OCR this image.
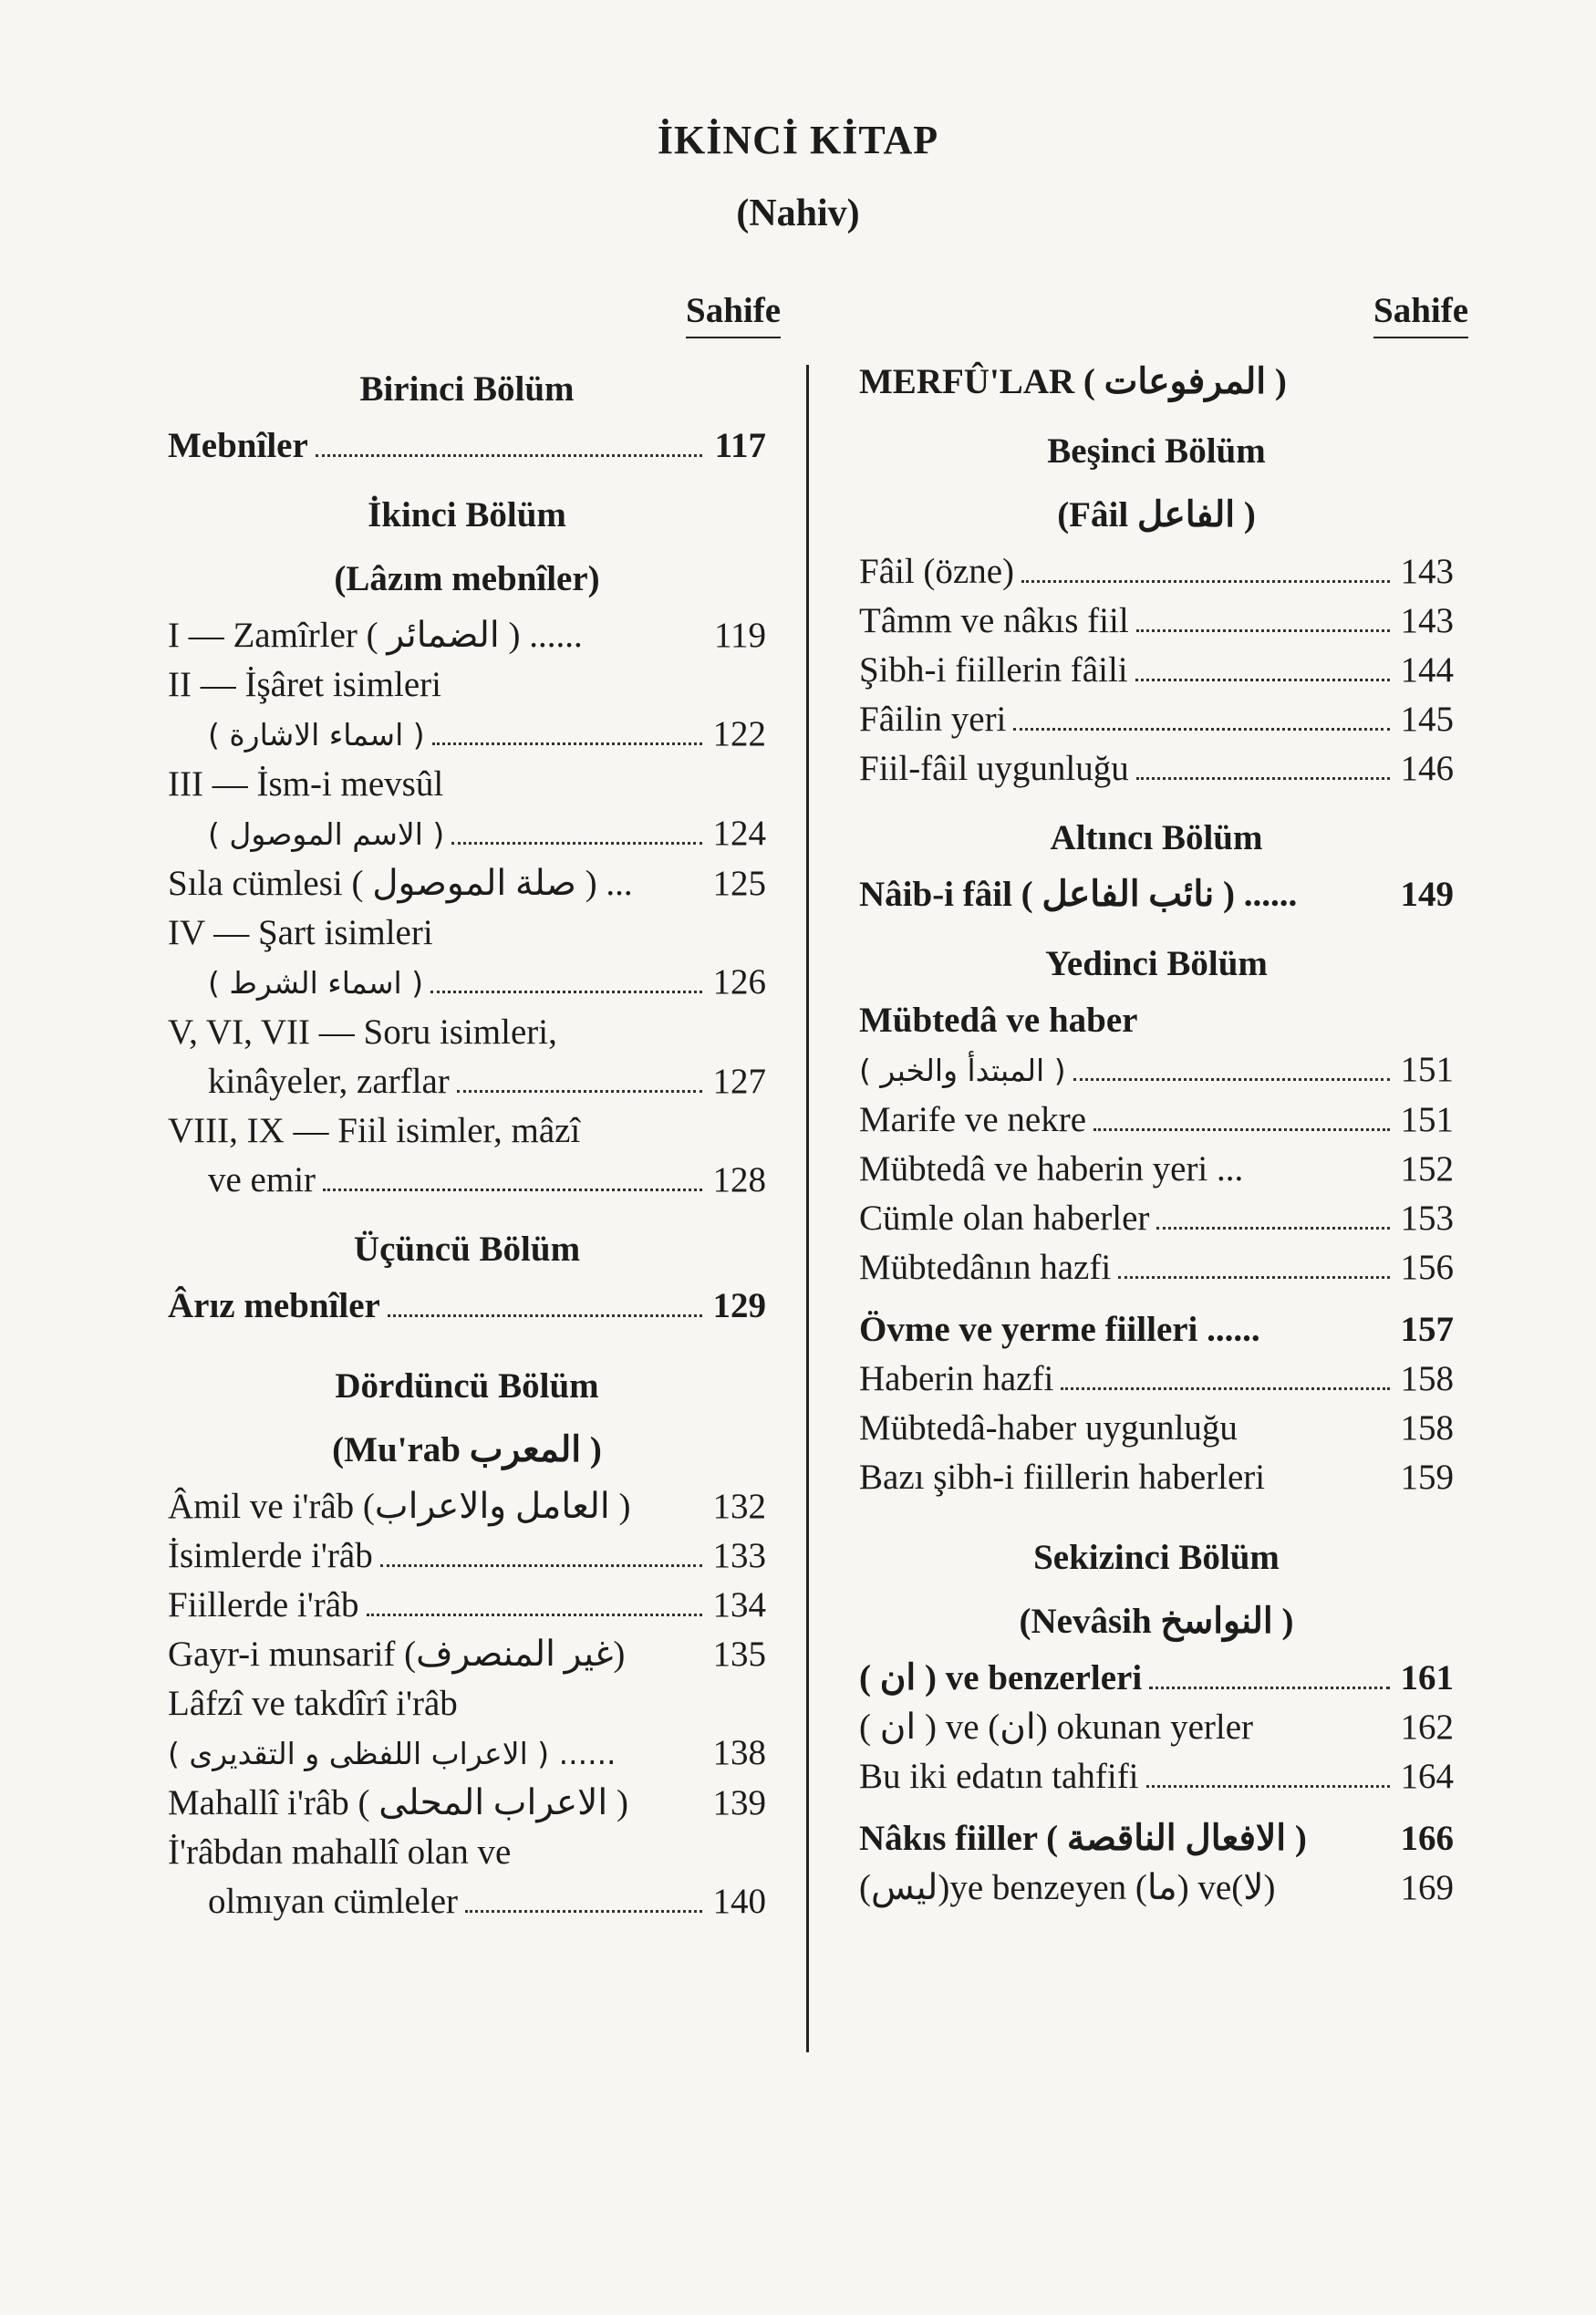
İKİNCİ KİTAP
(Nahiv)
Sahife	Sahife
Birinci Bölüm
Mebnîler	117
İkinci Bölüm
(Lâzım mebnîler)
I — Zamîrler ( الضمائر ) ......	119
II — İşâret isimleri
( اسماء الاشارة )	122
III — İsm-i mevsûl
( الاسم الموصول )	124
Sıla cümlesi ( صلة الموصول ) ... 125
IV — Şart isimleri
( اسماء الشرط )	126
V, VI, VII — Soru isimleri,
kinâyeler, zarflar	127
VIII, IX — Fiil isimler, mâzî
ve emir	128
Üçüncü Bölüm
Ârız mebnîler	129
Dördüncü Bölüm
(Mu'rab المعرب )
Âmil ve i'râb (العامل والاعراب ) 132
İsimlerde i'râb	133
Fiillerde i'râb	134
Gayr-i munsarif (غير المنصرف) 135
Lâfzî ve takdîrî i'râb
( الاعراب اللفظى و التقديرى ) ......	138
Mahallî i'râb ( الاعراب المحلى ) 139
İ'râbdan mahallî olan ve
olmıyan cümleler	140
MERFÛ'LAR ( المرفوعات )
Beşinci Bölüm
(Fâil الفاعل )
Fâil (özne)	143
Tâmm ve nâkıs fiil	143
Şibh-i fiillerin fâili	144
Fâilin yeri	145
Fiil-fâil uygunluğu	146
Altıncı Bölüm
Nâib-i fâil ( نائب الفاعل ) ......	149
Yedinci Bölüm
Mübtedâ ve haber
( المبتدأ والخبر )	151
Marife ve nekre	151
Mübtedâ ve haberin yeri ...	152
Cümle olan haberler	153
Mübtedânın hazfi	156
Övme ve yerme fiilleri ......	157
Haberin hazfi	158
Mübtedâ-haber uygunluğu	158
Bazı şibh-i fiillerin haberleri	159
Sekizinci Bölüm
(Nevâsih النواسخ )
( ان ) ve benzerleri	161
( ان ) ve (ان) okunan yerler	162
Bu iki edatın tahfifi	164
Nâkıs fiiller ( الافعال الناقصة )	166
(ليس)ye benzeyen (ما) ve(لا)	169
